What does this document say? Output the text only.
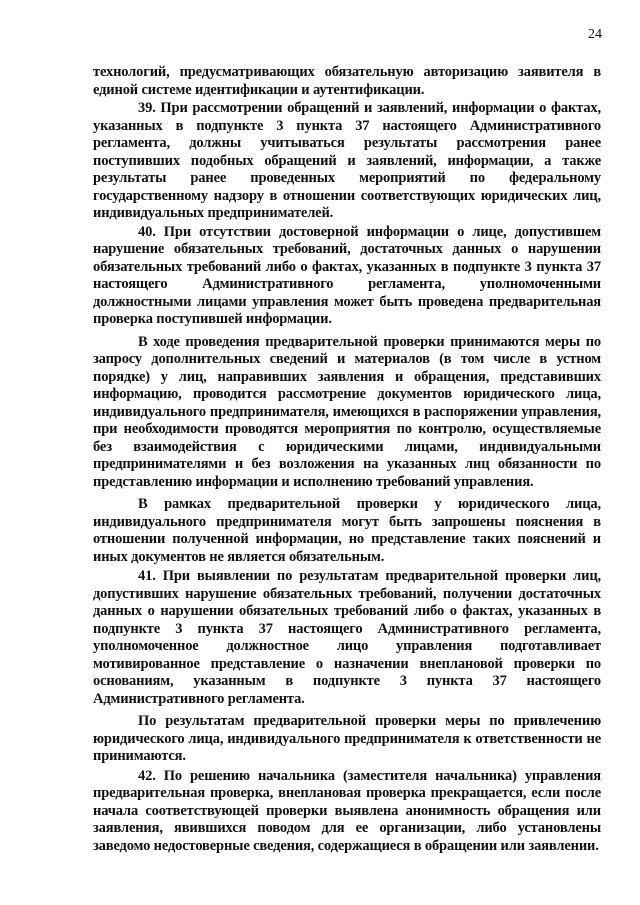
24

технологий, предусматривающих обязательную авторизацию заявителя в единой системе идентификации и аутентификации.

39. При рассмотрении обращений и заявлений, информации о фактах, указанных в подпункте 3 пункта 37 настоящего Административного регламента, должны учитываться результаты рассмотрения ранее поступивших подобных обращений и заявлений, информации, а также результаты ранее проведенных мероприятий по федеральному государственному надзору в отношении соответствующих юридических лиц, индивидуальных предпринимателей.

40. При отсутствии достоверной информации о лице, допустившем нарушение обязательных требований, достаточных данных о нарушении обязательных требований либо о фактах, указанных в подпункте 3 пункта 37 настоящего Административного регламента, уполномоченными должностными лицами управления может быть проведена предварительная проверка поступившей информации.

В ходе проведения предварительной проверки принимаются меры по запросу дополнительных сведений и материалов (в том числе в устном порядке) у лиц, направивших заявления и обращения, представивших информацию, проводится рассмотрение документов юридического лица, индивидуального предпринимателя, имеющихся в распоряжении управления, при необходимости проводятся мероприятия по контролю, осуществляемые без взаимодействия с юридическими лицами, индивидуальными предпринимателями и без возложения на указанных лиц обязанности по представлению информации и исполнению требований управления.

В рамках предварительной проверки у юридического лица, индивидуального предпринимателя могут быть запрошены пояснения в отношении полученной информации, но представление таких пояснений и иных документов не является обязательным.

41. При выявлении по результатам предварительной проверки лиц, допустивших нарушение обязательных требований, получении достаточных данных о нарушении обязательных требований либо о фактах, указанных в подпункте 3 пункта 37 настоящего Административного регламента, уполномоченное должностное лицо управления подготавливает мотивированное представление о назначении внеплановой проверки по основаниям, указанным в подпункте 3 пункта 37 настоящего Административного регламента.

По результатам предварительной проверки меры по привлечению юридического лица, индивидуального предпринимателя к ответственности не принимаются.

42. По решению начальника (заместителя начальника) управления предварительная проверка, внеплановая проверка прекращается, если после начала соответствующей проверки выявлена анонимность обращения или заявления, явившихся поводом для ее организации, либо установлены заведомо недостоверные сведения, содержащиеся в обращении или заявлении.
